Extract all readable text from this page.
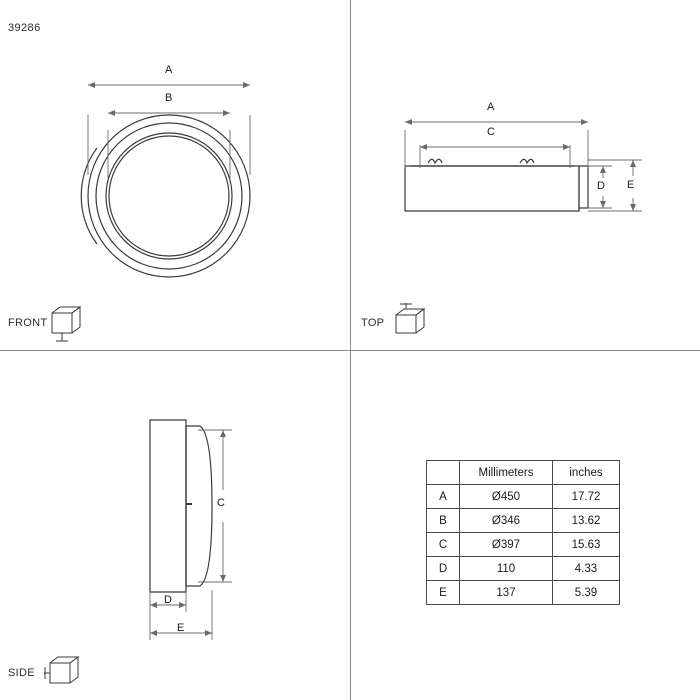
39286
FRONT
A
B
A
C
D E
TOP
C
D
E
SIDE
	Millimeters	inches
A	Ø450	17.72
B	Ø346	13.62
C	Ø397	15.63
D	110	4.33
E	137	5.39
